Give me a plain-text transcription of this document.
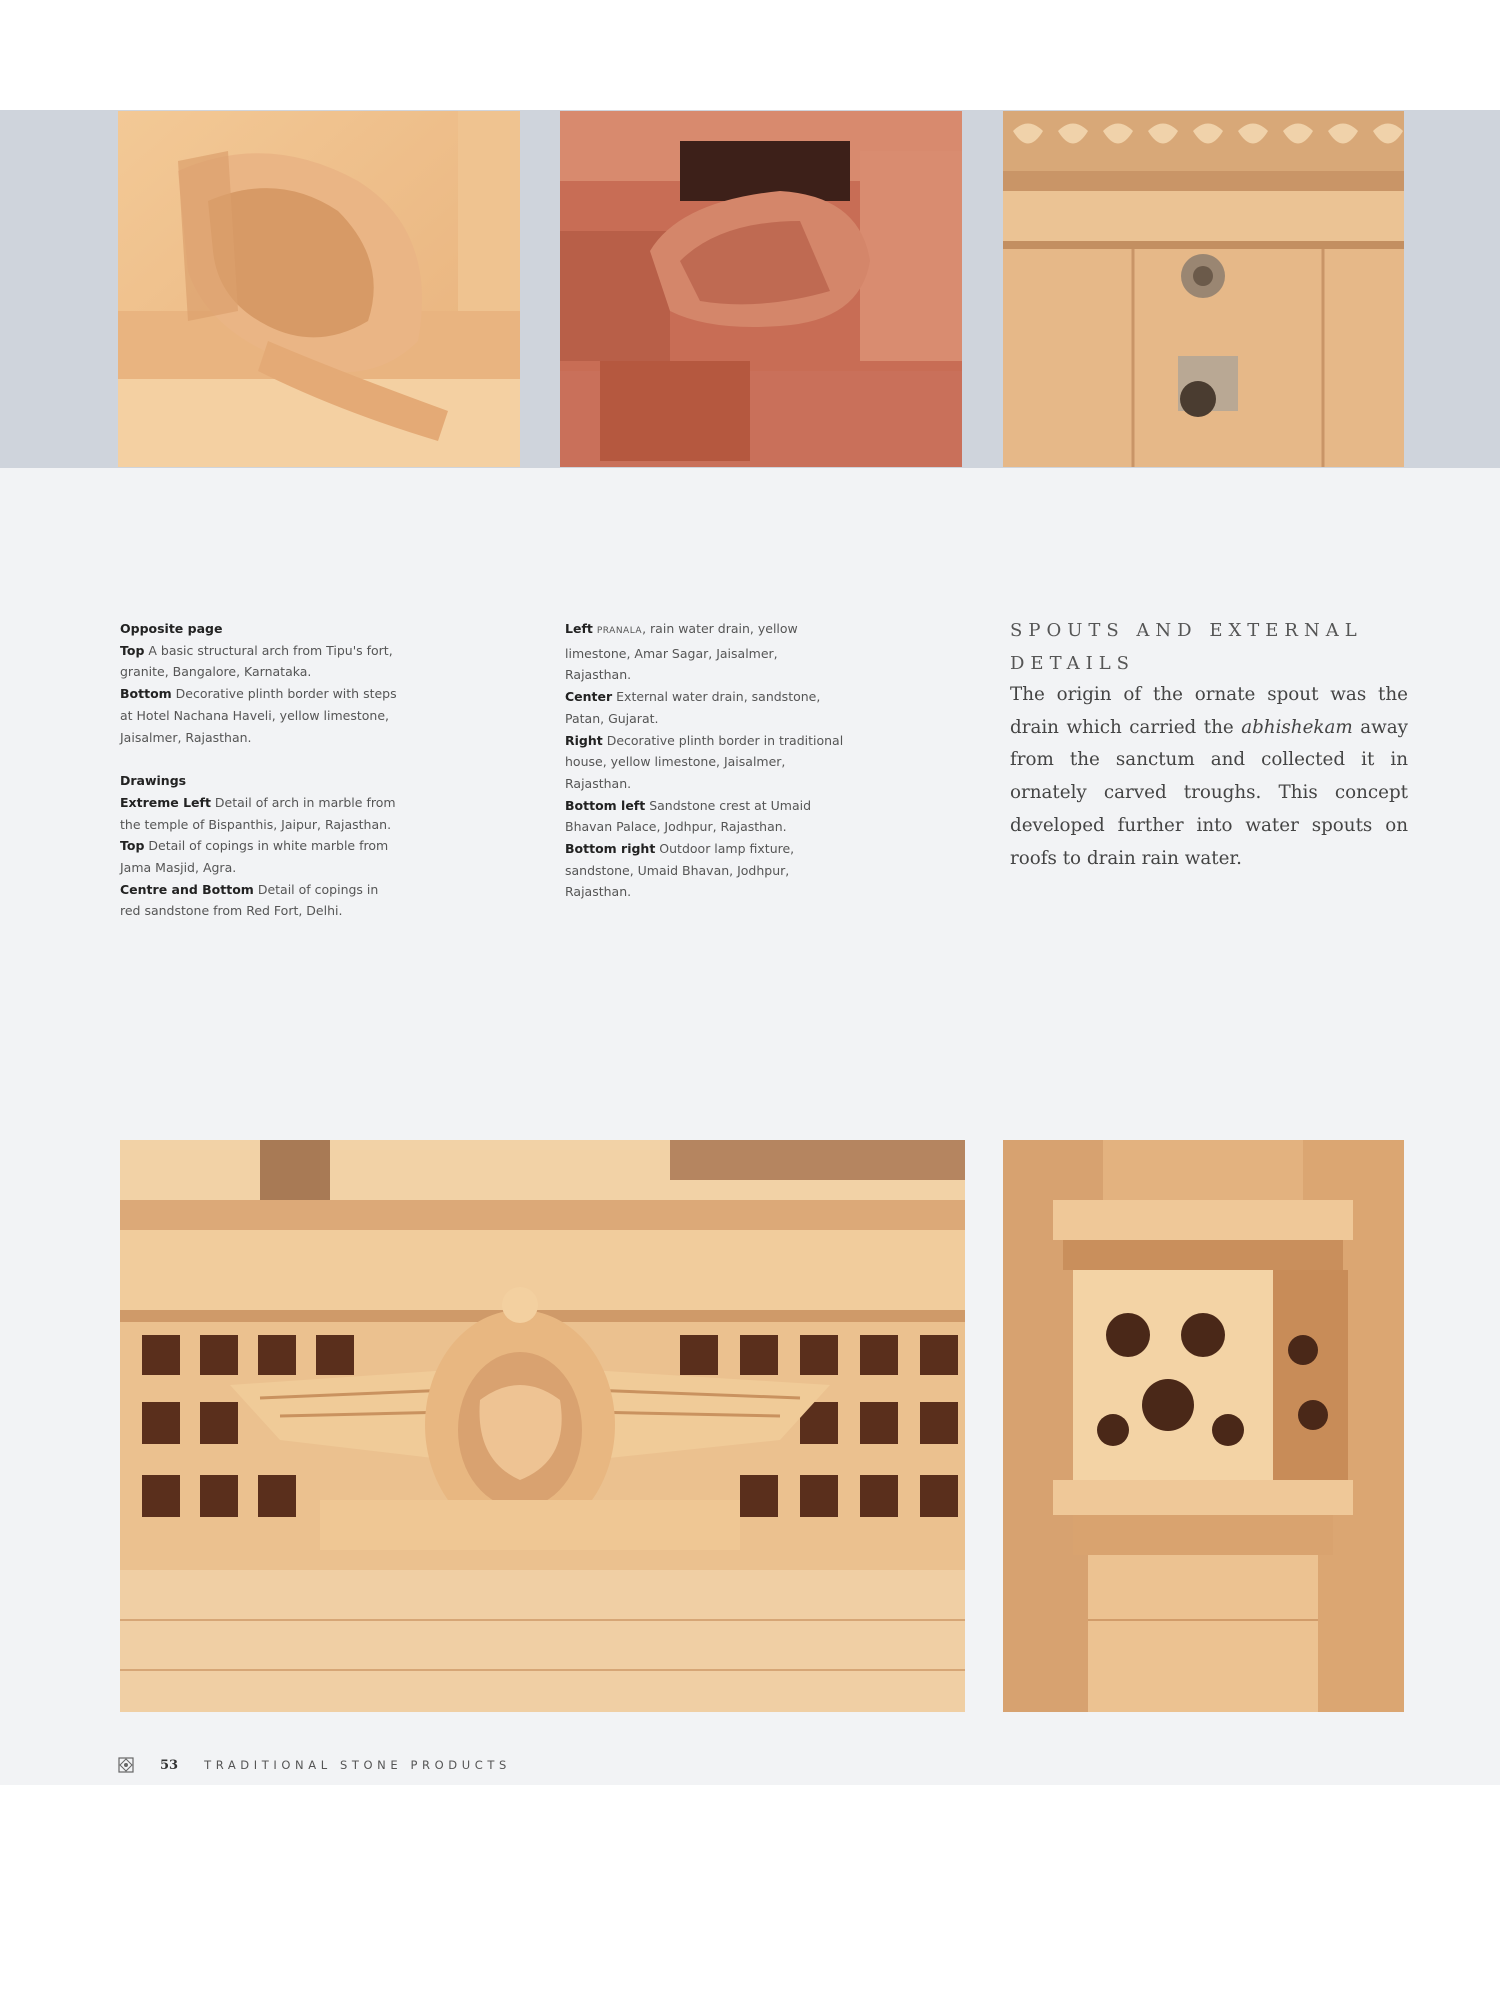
Opposite page

Top A basic structural arch from Tipu's fort, granite, Bangalore, Karnataka.

Bottom Decorative plinth border with steps at Hotel Nachana Haveli, yellow limestone, Jaisalmer, Rajasthan.

Drawings

Extreme Left Detail of arch in marble from the temple of Bispanthis, Jaipur, Rajasthan.

Top Detail of copings in white marble from Jama Masjid, Agra.

Centre and Bottom Detail of copings in red sandstone from Red Fort, Delhi.

Left PRANALA, rain water drain, yellow limestone, Amar Sagar, Jaisalmer, Rajasthan.

Center External water drain, sandstone, Patan, Gujarat.

Right Decorative plinth border in traditional house, yellow limestone, Jaisalmer, Rajasthan.

Bottom left Sandstone crest at Umaid Bhavan Palace, Jodhpur, Rajasthan.

Bottom right Outdoor lamp fixture, sandstone, Umaid Bhavan, Jodhpur, Rajasthan.

SPOUTS AND EXTERNAL DETAILS
The origin of the ornate spout was the drain which carried the abhishekam away from the sanctum and collected it in ornately carved troughs. This concept developed further into water spouts on roofs to drain rain water.
53 TRADITIONAL STONE PRODUCTS
